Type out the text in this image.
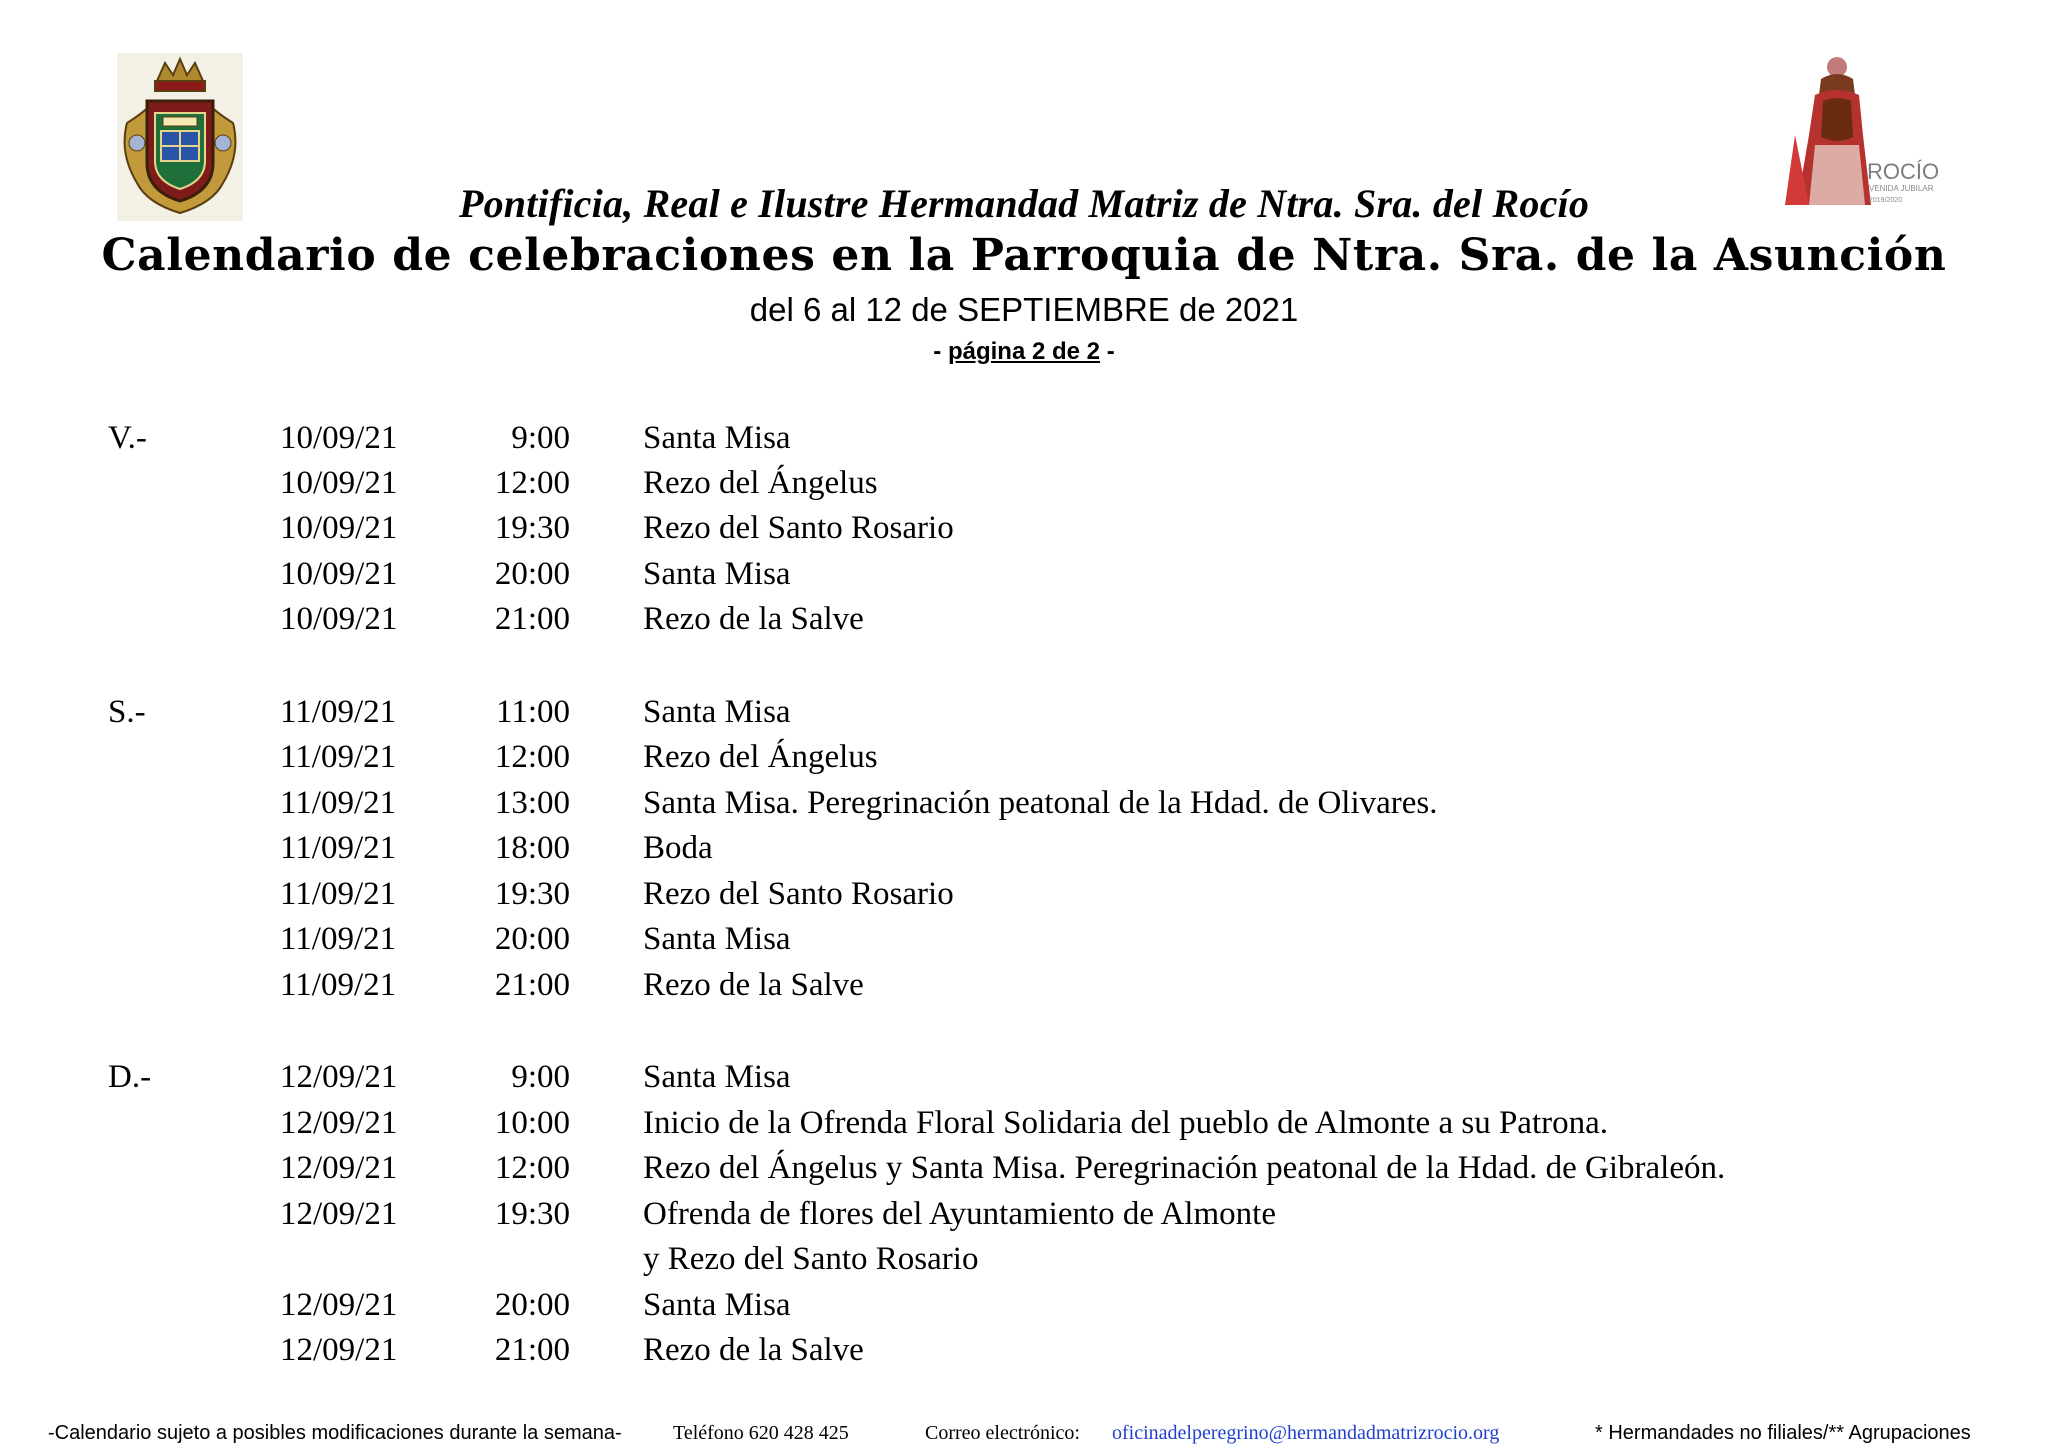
ROCÍO
VENIDA JUBILAR
2019/2020
Pontificia, Real e Ilustre Hermandad Matriz de Ntra. Sra. del Rocío
Calendario de celebraciones en la Parroquia de Ntra. Sra. de la Asunción
del 6 al 12 de SEPTIEMBRE de 2021
- página 2 de 2 -
V.-	10/09/21	9:00 Santa Misa
10/09/21	12:00 Rezo del Ángelus
10/09/21	19:30 Rezo del Santo Rosario
10/09/21	20:00 Santa Misa
10/09/21	21:00 Rezo de la Salve
S.-	11/09/21	11:00 Santa Misa
11/09/21	12:00 Rezo del Ángelus
11/09/21	13:00 Santa Misa. Peregrinación peatonal de la Hdad. de Olivares.
11/09/21	18:00 Boda
11/09/21	19:30 Rezo del Santo Rosario
11/09/21	20:00 Santa Misa
11/09/21	21:00 Rezo de la Salve
D.-	12/09/21	9:00 Santa Misa
12/09/21	10:00 Inicio de la Ofrenda Floral Solidaria del pueblo de Almonte a su Patrona.
12/09/21	12:00 Rezo del Ángelus y Santa Misa. Peregrinación peatonal de la Hdad. de Gibraleón.
12/09/21	19:30 Ofrenda de flores del Ayuntamiento de Almonte
y Rezo del Santo Rosario
12/09/21	20:00 Santa Misa
12/09/21	21:00 Rezo de la Salve
-Calendario sujeto a posibles modificaciones durante la semana-	Teléfono 620 428 425	Correo electrónico: oficinadelperegrino@hermandadmatrizrocio.org	* Hermandades no filiales/** Agrupaciones
